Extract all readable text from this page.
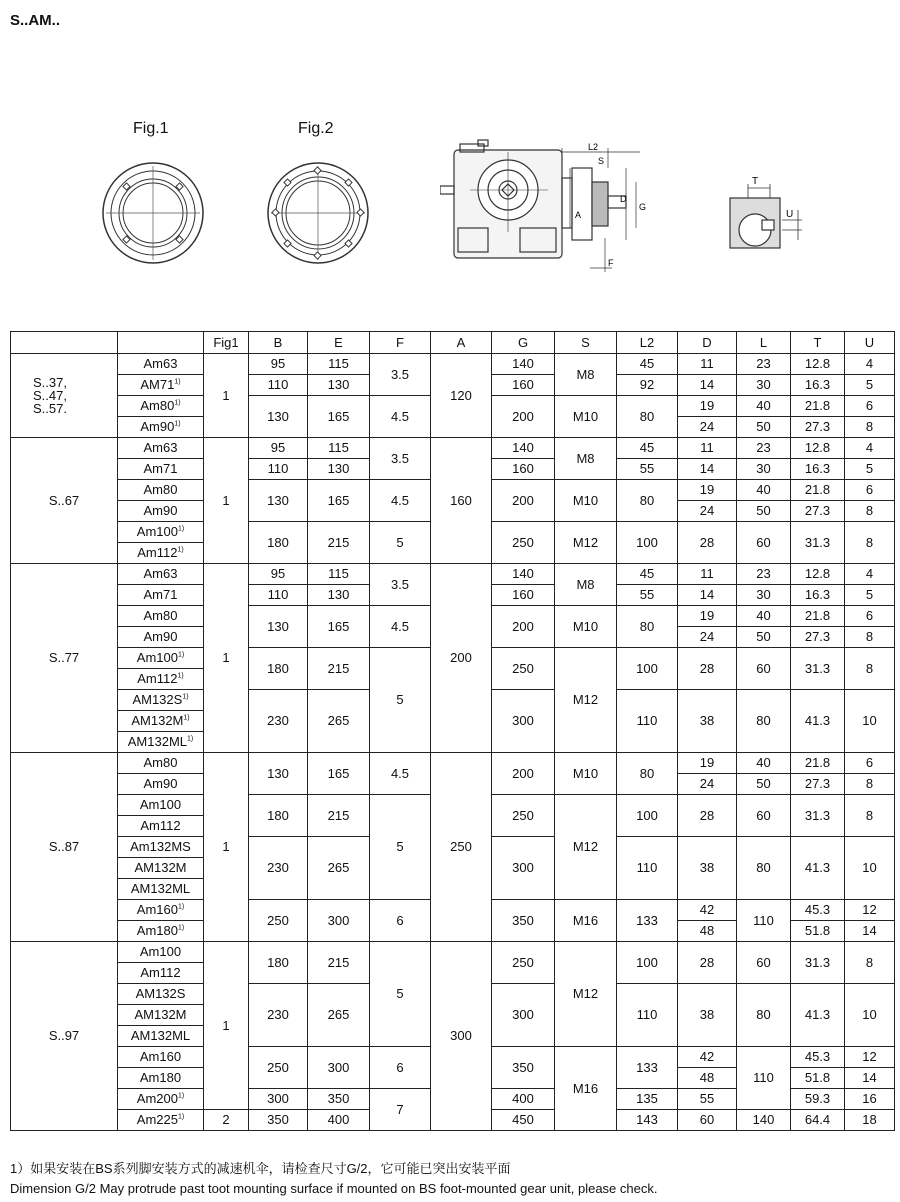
S..AM..
Fig.1	Fig.2
L2
S
D
G
A
F
T
U
		Fig1	B	E	F	A	G	S	L2	D	L	T	U
S..37,
S..47,
S..57.	Am63	1	95	115	3.5	120	140	M8	45	11	23	12.8	4
	AM71$^{1)}$		110	130			160		92	14	30	16.3	5
	Am80$^{1)}$		130	165	4.5		200	M10	80	19	40	21.8	6
	Am90$^{1)}$									24	50	27.3	8
S..67	Am63	1	95	115	3.5	160	140	M8	45	11	23	12.8	4
	Am71		110	130			160		55	14	30	16.3	5
	Am80		130	165	4.5		200	M10	80	19	40	21.8	6
	Am90									24	50	27.3	8
	Am100$^{1)}$		180	215	5		250	M12	100	28	60	31.3	8
	Am112$^{1)}$
S..77	Am63	1	95	115	3.5	200	140	M8	45	11	23	12.8	4
	Am71		110	130			160		55	14	30	16.3	5
	Am80		130	165	4.5		200	M10	80	19	40	21.8	6
	Am90									24	50	27.3	8
	Am100$^{1)}$		180	215	5		250	M12	100	28	60	31.3	8
	Am112$^{1)}$
	$AM132S^{1)}$		230	265			300		110	38	80	41.3	10
	$AM132M^{1)}$
	AM132ML$^{1)}$
S..87	Am80	1	130	165	4.5	250	200	M10	80	19	40	21.8	6
	Am90									24	50	27.3	8
	Am100		180	215	5		250	M12	100	28	60	31.3	8
	Am112												
	Am132MS		230	265			300		110	38	80	41.3	10
	AM132M												
	AM132ML												
	Am160$^{1)}$		250	300	6		350	M16	133	42	110	45.3	12
	Am180$^{1)}$									48		51.8	14
S..97	Am100	1	180	215	5	300	250	M12	100	28	60	31.3	8
	Am112												
	AM132S		230	265			300		110	38	80	41.3	10
	AM132M												
	AM132ML												
	Am160		250	300	6		350	M16	133	42	110	45.3	12
	Am180									48		51.8	14
	Am200$^{1)}$		300	350	7		400		135	55		59.3	16
	Am225$^{1)}$	2	350	400			450		143	60	140	64.4	18
1）如果安装在BS系列脚安装方式的减速机伞，请检查尺寸G/2，它可能已突出安装平面
Dimension G/2 May protrude past toot mounting surface if mounted on BS foot-mounted gear unit, please check.
